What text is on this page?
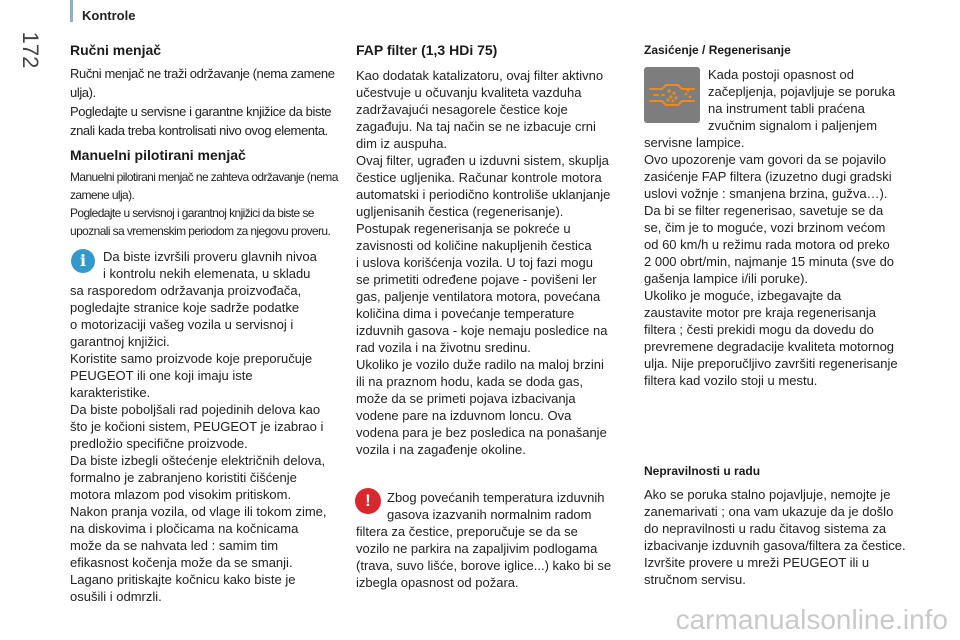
Kontrole
172	Ručni menjač

Ručni menjač ne traži održavanje (nema zamene ulja).

Pogledajte u servisne i garantne knjižice da biste znali kada treba kontrolisati nivo ovog elementa.

Manuelni pilotirani menjač

Manuelni pilotirani menjač ne zahteva održavanje (nema zamene ulja).

Pogledajte u servisnoj i garantnoj knjižici da biste se upoznali sa vremenskim periodom za njegovu proveru.

i	Da biste izvršili proveru glavnih nivoa
i kontrolu nekih elemenata, u skladu
sa rasporedom održavanja proizvođača,
pogledajte stranice koje sadrže podatke
o motorizaciji vašeg vozila u servisnoj i
garantnoj knjižici.
Koristite samo proizvode koje preporučuje
PEUGEOT ili one koji imaju iste
karakteristike.
Da biste poboljšali rad pojedinih delova kao
što je kočioni sistem, PEUGEOT je izabrao i
predložio specifične proizvode.
Da biste izbegli oštećenje električnih delova,
formalno je zabranjeno koristiti čišćenje
motora mlazom pod visokim pritiskom.
Nakon pranja vozila, od vlage ili tokom zime,
na diskovima i pločicama na kočnicama
može da se nahvata led : samim tim
efikasnost kočenja može da se smanji.
Lagano pritiskajte kočnicu kako biste je
osušili i odmrzli.
FAP filter (1,3 HDi 75)
Kao dodatak katalizatoru, ovaj filter aktivno
učestvuje u očuvanju kvaliteta vazduha
zadržavajući nesagorele čestice koje
zagađuju. Na taj način se ne izbacuje crni
dim iz auspuha.
Ovaj filter, ugrađen u izduvni sistem, skuplja
čestice ugljenika. Računar kontrole motora
automatski i periodično kontroliše uklanjanje
ugljenisanih čestica (regenerisanje).
Postupak regenerisanja se pokreće u
zavisnosti od količine nakupljenih čestica
i uslova korišćenja vozila. U toj fazi mogu
se primetiti određene pojave - povišeni ler
gas, paljenje ventilatora motora, povećana
količina dima i povećanje temperature
izduvnih gasova - koje nemaju posledice na
rad vozila i na životnu sredinu.
Ukoliko je vozilo duže radilo na maloj brzini
ili na praznom hodu, kada se doda gas,
može da se primeti pojava izbacivanja
vodene pare na izduvnom loncu. Ova
vodena para je bez posledica na ponašanje
vozila i na zagađenje okoline.
!	Zbog povećanih temperatura izduvnih
gasova izazvanih normalnim radom
filtera za čestice, preporučuje se da se
vozilo ne parkira na zapaljivim podlogama
(trava, suvo lišće, borove iglice...) kako bi se
izbegla opasnost od požara.
Zasićenje / Regenerisanje
Kada postoji opasnost od
začepljenja, pojavljuje se poruka
na instrument tabli praćena
zvučnim signalom i paljenjem
servisne lampice.
Ovo upozorenje vam govori da se pojavilo
zasićenje FAP filtera (izuzetno dugi gradski
uslovi vožnje : smanjena brzina, gužva…).
Da bi se filter regenerisao, savetuje se da
se, čim je to moguće, vozi brzinom većom
od 60 km/h u režimu rada motora od preko
2 000 obrt/min, najmanje 15 minuta (sve do
gašenja lampice i/ili poruke).
Ukoliko je moguće, izbegavajte da
zaustavite motor pre kraja regenerisanja
filtera ; česti prekidi mogu da dovedu do
prevremene degradacije kvaliteta motornog
ulja. Nije preporučljivo završiti regenerisanje
filtera kad vozilo stoji u mestu.
Nepravilnosti u radu
Ako se poruka stalno pojavljuje, nemojte je
zanemarivati ; ona vam ukazuje da je došlo
do nepravilnosti u radu čitavog sistema za
izbacivanje izduvnih gasova/filtera za čestice.
Izvršite provere u mreži PEUGEOT ili u
stručnom servisu.
carmanualsonline.info
